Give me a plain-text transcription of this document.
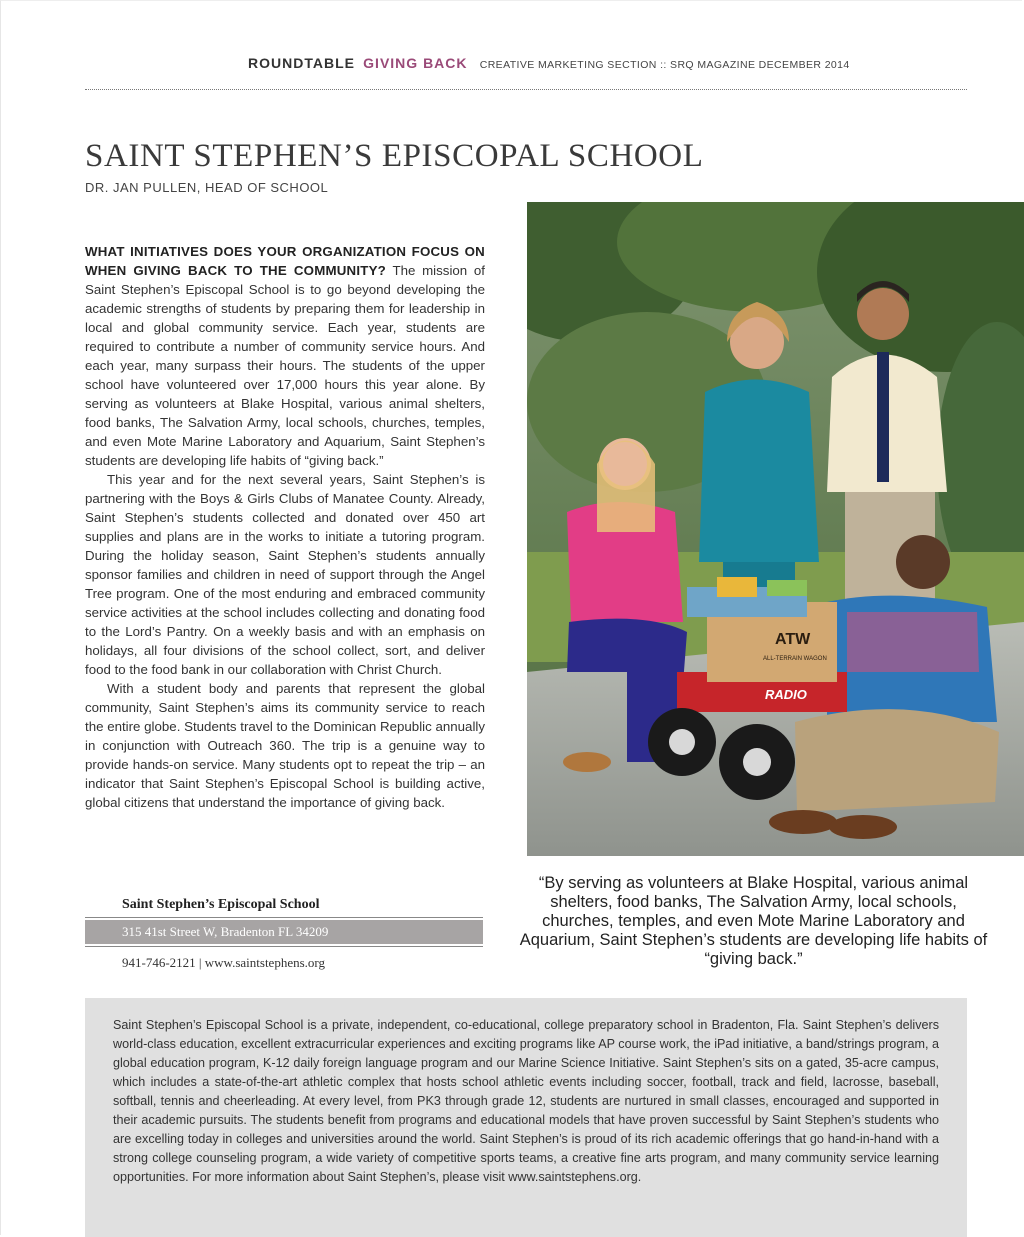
ROUNDTABLE GIVING BACK CREATIVE MARKETING SECTION :: SRQ MAGAZINE DECEMBER 2014
SAINT STEPHEN’S EPISCOPAL SCHOOL
DR. JAN PULLEN, HEAD OF SCHOOL

WHAT INITIATIVES DOES YOUR ORGANIZATION FOCUS ON WHEN GIVING BACK TO THE COMMUNITY? The mission of Saint Stephen’s Episcopal School is to go beyond developing the academic strengths of students by preparing them for leadership in local and global community service. Each year, students are required to contribute a number of community service hours. And each year, many surpass their hours. The students of the upper school have volunteered over 17,000 hours this year alone. By serving as volunteers at Blake Hospital, various animal shelters, food banks, The Salvation Army, local schools, churches, temples, and even Mote Marine Laboratory and Aquarium, Saint Stephen’s students are developing life habits of “giving back.”

This year and for the next several years, Saint Stephen’s is partnering with the Boys & Girls Clubs of Manatee County. Already, Saint Stephen’s students collected and donated over 450 art supplies and plans are in the works to initiate a tutoring program. During the holiday season, Saint Stephen’s students annually sponsor families and children in need of support through the Angel Tree program. One of the most enduring and embraced community service activities at the school includes collecting and donating food to the Lord’s Pantry. On a weekly basis and with an emphasis on holidays, all four divisions of the school collect, sort, and deliver food to the food bank in our collaboration with Christ Church.

With a student body and parents that represent the global community, Saint Stephen’s aims its community service to reach the entire globe. Students travel to the Dominican Republic annually in conjunction with Outreach 360. The trip is a genuine way to provide hands-on service. Many students opt to repeat the trip – an indicator that Saint Stephen’s Episcopal School is building active, global citizens that understand the importance of giving back.

ATW
ALL-TERRAIN WAGON
RADIO
“By serving as volunteers at Blake Hospital, various animal shelters, food banks, The Salvation Army, local schools, churches, temples, and even Mote Marine Laboratory and Aquarium, Saint Stephen’s students are developing life habits of “giving back.”
Saint Stephen’s Episcopal School
315 41st Street W, Bradenton FL 34209
941-746-2121 | www.saintstephens.org

Saint Stephen’s Episcopal School is a private, independent, co-educational, college preparatory school in Bradenton, Fla. Saint Stephen’s delivers world-class education, excellent extracurricular experiences and exciting programs like AP course work, the iPad initiative, a band/strings program, a global education program, K-12 daily foreign language program and our Marine Science Initiative. Saint Stephen’s sits on a gated, 35-acre campus, which includes a state-of-the-art athletic complex that hosts school athletic events including soccer, football, track and field, lacrosse, baseball, softball, tennis and cheerleading. At every level, from PK3 through grade 12, students are nurtured in small classes, encouraged and supported in their academic pursuits. The students benefit from programs and educational models that have proven successful by Saint Stephen’s students who are excelling today in colleges and universities around the world. Saint Stephen’s is proud of its rich academic offerings that go hand-in-hand with a strong college counseling program, a wide variety of competitive sports teams, a creative fine arts program, and many community service learning opportunities. For more information about Saint Stephen’s, please visit www.saintstephens.org.
